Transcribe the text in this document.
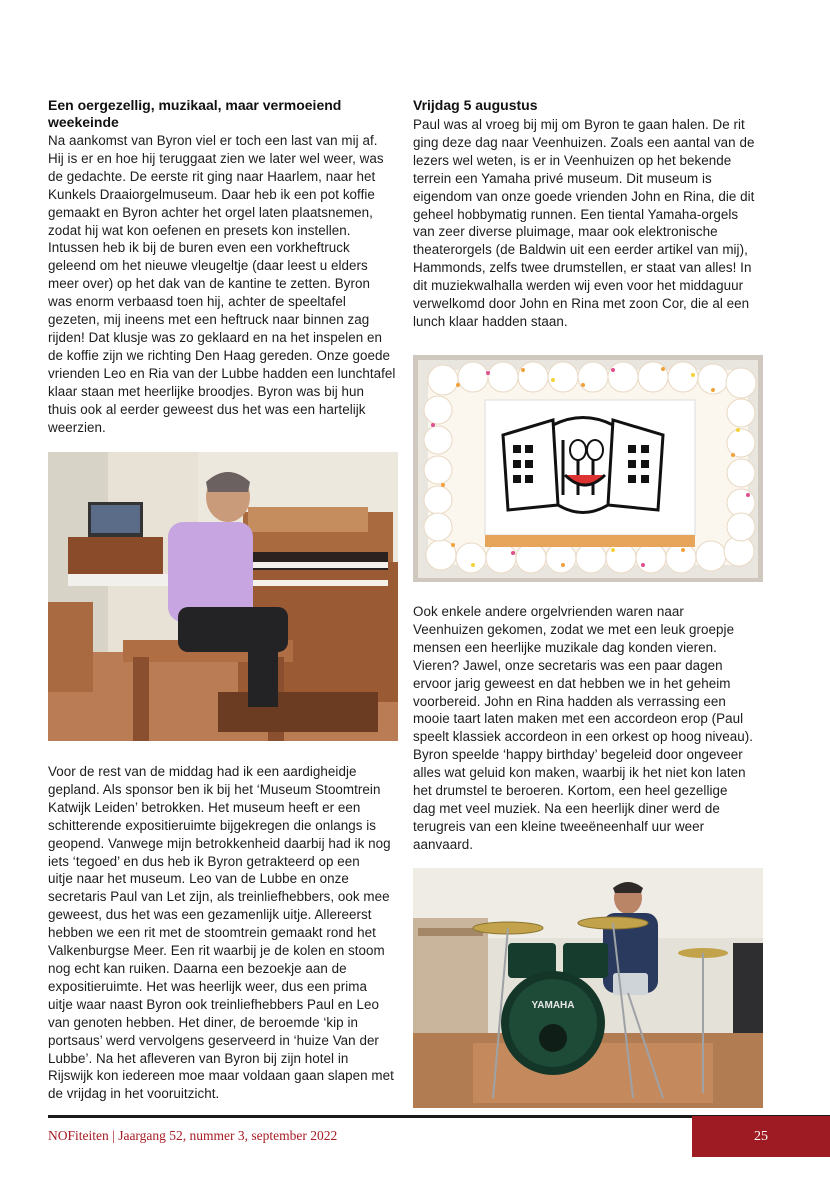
Een oergezellig, muzikaal, maar vermoeiend
weekeinde

Na aankomst van Byron viel er toch een last van mij af.
Hij is er en hoe hij teruggaat zien we later wel weer, was
de gedachte. De eerste rit ging naar Haarlem, naar het
Kunkels Draaiorgelmuseum. Daar heb ik een pot koffie
gemaakt en Byron achter het orgel laten plaatsnemen,
zodat hij wat kon oefenen en presets kon instellen.
Intussen heb ik bij de buren even een vorkheftruck
geleend om het nieuwe vleugeltje (daar leest u elders
meer over) op het dak van de kantine te zetten. Byron
was enorm verbaasd toen hij, achter de speeltafel
gezeten, mij ineens met een heftruck naar binnen zag
rijden! Dat klusje was zo geklaard en na het inspelen en
de koffie zijn we richting Den Haag gereden. Onze goede
vrienden Leo en Ria van der Lubbe hadden een lunchtafel
klaar staan met heerlijke broodjes. Byron was bij hun
thuis ook al eerder geweest dus het was een hartelijk
weerzien.

Voor de rest van de middag had ik een aardigheidje
gepland. Als sponsor ben ik bij het ‘Museum Stoomtrein
Katwijk Leiden’ betrokken. Het museum heeft er een
schitterende expositieruimte bijgekregen die onlangs is
geopend. Vanwege mijn betrokkenheid daarbij had ik nog
iets ‘tegoed’ en dus heb ik Byron getrakteerd op een
uitje naar het museum. Leo van de Lubbe en onze
secretaris Paul van Let zijn, als treinliefhebbers, ook mee
geweest, dus het was een gezamenlijk uitje. Allereerst
hebben we een rit met de stoomtrein gemaakt rond het
Valkenburgse Meer. Een rit waarbij je de kolen en stoom
nog echt kan ruiken. Daarna een bezoekje aan de
expositieruimte. Het was heerlijk weer, dus een prima
uitje waar naast Byron ook treinliefhebbers Paul en Leo
van genoten hebben. Het diner, de beroemde ‘kip in
portsaus’ werd vervolgens geserveerd in ‘huize Van der
Lubbe’. Na het afleveren van Byron bij zijn hotel in
Rijswijk kon iedereen moe maar voldaan gaan slapen met
de vrijdag in het vooruitzicht.

Vrijdag 5 augustus

Paul was al vroeg bij mij om Byron te gaan halen. De rit
ging deze dag naar Veenhuizen. Zoals een aantal van de
lezers wel weten, is er in Veenhuizen op het bekende
terrein een Yamaha privé museum. Dit museum is
eigendom van onze goede vrienden John en Rina, die dit
geheel hobbymatig runnen. Een tiental Yamaha-orgels
van zeer diverse pluimage, maar ook elektronische
theaterorgels (de Baldwin uit een eerder artikel van mij),
Hammonds, zelfs twee drumstellen, er staat van alles! In
dit muziekwalhalla werden wij even voor het middaguur
verwelkomd door John en Rina met zoon Cor, die al een
lunch klaar hadden staan.

Ook enkele andere orgelvrienden waren naar
Veenhuizen gekomen, zodat we met een leuk groepje
mensen een heerlijke muzikale dag konden vieren.
Vieren? Jawel, onze secretaris was een paar dagen
ervoor jarig geweest en dat hebben we in het geheim
voorbereid. John en Rina hadden als verrassing een
mooie taart laten maken met een accordeon erop (Paul
speelt klassiek accordeon in een orkest op hoog niveau).
Byron speelde ‘happy birthday’ begeleid door ongeveer
alles wat geluid kon maken, waarbij ik het niet kon laten
het drumstel te beroeren. Kortom, een heel gezellige
dag met veel muziek. Na een heerlijk diner werd de
terugreis van een kleine tweeëneenhalf uur weer
aanvaard.

YAMAHA
NOFiteiten | Jaargang 52, nummer 3, september 2022	25
